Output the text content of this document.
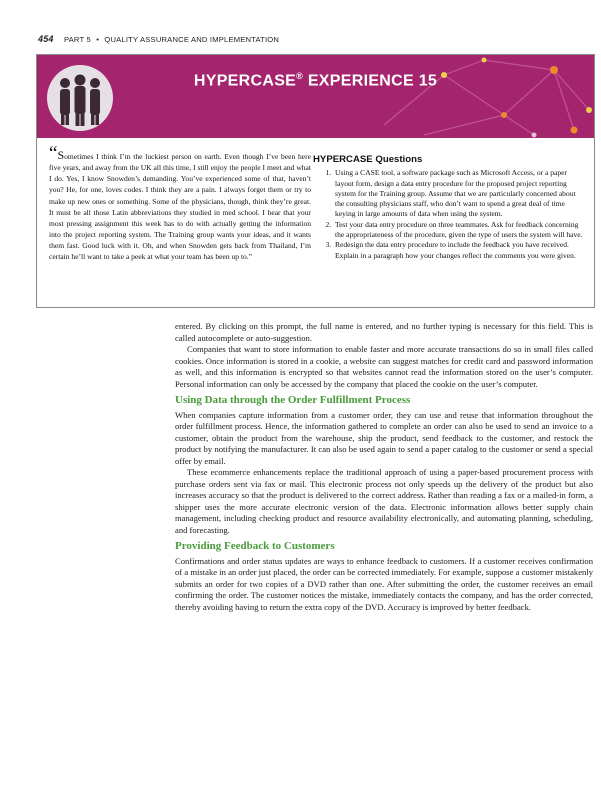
454 PART 5 • QUALITY ASSURANCE AND IMPLEMENTATION
HYPERCASE® EXPERIENCE 15
“Sometimes I think I’m the luckiest person on earth. Even though I’ve been here five years, and away from the UK all this time, I still enjoy the people I meet and what I do. Yes, I know Snowden’s demanding. You’ve experienced some of that, haven’t you? He, for one, loves codes. I think they are a pain. I always forget them or try to make up new ones or something. Some of the physicians, though, think they’re great. It must be all those Latin abbreviations they studied in med school. I hear that your most pressing assignment this week has to do with actually getting the information into the project reporting system. The Training group wants your ideas, and it wants them fast. Good luck with it. Oh, and when Snowden gets back from Thailand, I’m certain he’ll want to take a peek at what your team has been up to.”
HYPERCASE Questions
1. Using a CASE tool, a software package such as Microsoft Access, or a paper layout form, design a data entry procedure for the proposed project reporting system for the Training group. Assume that we are particularly concerned about the consulting physicians staff, who don’t want to spend a great deal of time keying in large amounts of data when using the system.
2. Test your data entry procedure on three teammates. Ask for feedback concerning the appropriateness of the procedure, given the type of users the system will have.
3. Redesign the data entry procedure to include the feedback you have received. Explain in a paragraph how your changes reflect the comments you were given.

entered. By clicking on this prompt, the full name is entered, and no further typing is necessary for this field. This is called autocomplete or auto-suggestion.

Companies that want to store information to enable faster and more accurate transactions do so in small files called cookies. Once information is stored in a cookie, a website can suggest matches for credit card and password information as well, and this information is encrypted so that websites cannot read the information stored on the user’s computer. Personal information can only be accessed by the company that placed the cookie on the user’s computer.

Using Data through the Order Fulfillment Process

When companies capture information from a customer order, they can use and reuse that information throughout the order fulfillment process. Hence, the information gathered to complete an order can also be used to send an invoice to a customer, obtain the product from the warehouse, ship the product, send feedback to the customer, and restock the product by notifying the manufacturer. It can also be used again to send a paper catalog to the customer or send a special offer by email.

These ecommerce enhancements replace the traditional approach of using a paper-based procurement process with purchase orders sent via fax or mail. This electronic process not only speeds up the delivery of the product but also increases accuracy so that the product is delivered to the correct address. Rather than reading a fax or a mailed-in form, a shipper uses the more accurate electronic version of the data. Electronic information allows better supply chain management, including checking product and resource availability electronically, and automating planning, scheduling, and forecasting.

Providing Feedback to Customers

Confirmations and order status updates are ways to enhance feedback to customers. If a customer receives confirmation of a mistake in an order just placed, the order can be corrected immediately. For example, suppose a customer mistakenly submits an order for two copies of a DVD rather than one. After submitting the order, the customer receives an email confirming the order. The customer notices the mistake, immediately contacts the company, and has the order corrected, thereby avoiding having to return the extra copy of the DVD. Accuracy is improved by better feedback.
